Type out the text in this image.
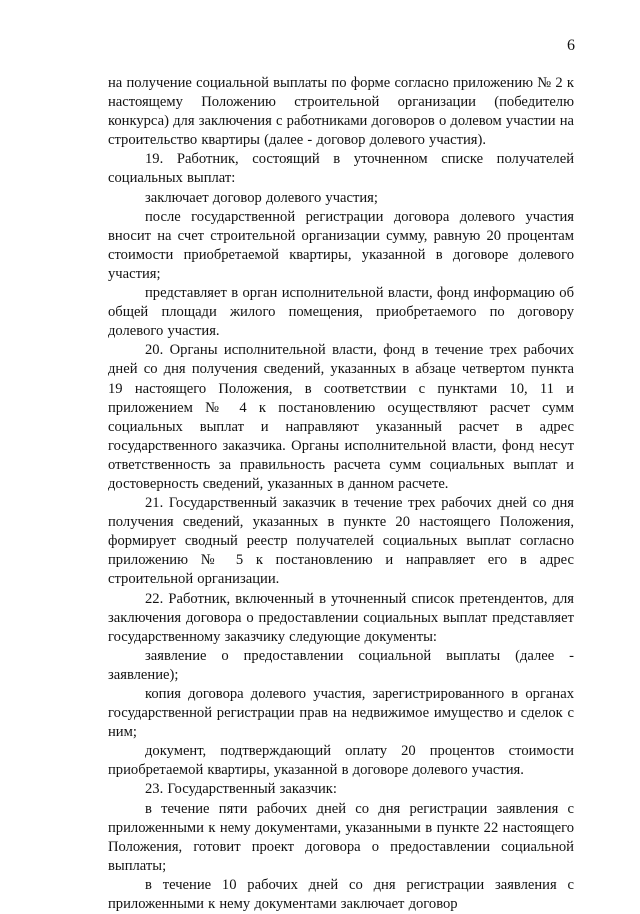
6

на получение социальной выплаты по форме согласно приложению № 2 к настоящему Положению строительной организации (победителю конкурса) для заключения с работниками договоров о долевом участии на строительство квартиры (далее - договор долевого участия).

19. Работник, состоящий в уточненном списке получателей социальных выплат:

заключает договор долевого участия;

после государственной регистрации договора долевого участия вносит на счет строительной организации сумму, равную 20 процентам стоимости приобретаемой квартиры, указанной в договоре долевого участия;

представляет в орган исполнительной власти, фонд информацию об общей площади жилого помещения, приобретаемого по договору долевого участия.

20. Органы исполнительной власти, фонд в течение трех рабочих дней со дня получения сведений, указанных в абзаце четвертом пункта 19 настоящего Положения, в соответствии с пунктами 10, 11 и приложением № 4 к постановлению осуществляют расчет сумм социальных выплат и направляют указанный расчет в адрес государственного заказчика. Органы исполнительной власти, фонд несут ответственность за правильность расчета сумм социальных выплат и достоверность сведений, указанных в данном расчете.

21. Государственный заказчик в течение трех рабочих дней со дня получения сведений, указанных в пункте 20 настоящего Положения, формирует сводный реестр получателей социальных выплат согласно приложению № 5 к постановлению и направляет его в адрес строительной организации.

22. Работник, включенный в уточненный список претендентов, для заключения договора о предоставлении социальных выплат представляет государственному заказчику следующие документы:

заявление о предоставлении социальной выплаты (далее - заявление);

копия договора долевого участия, зарегистрированного в органах государственной регистрации прав на недвижимое имущество и сделок с ним;

документ, подтверждающий оплату 20 процентов стоимости приобретаемой квартиры, указанной в договоре долевого участия.

23. Государственный заказчик:

в течение пяти рабочих дней со дня регистрации заявления с приложенными к нему документами, указанными в пункте 22 настоящего Положения, готовит проект договора о предоставлении социальной выплаты;

в течение 10 рабочих дней со дня регистрации заявления с приложенными к нему документами заключает договор
